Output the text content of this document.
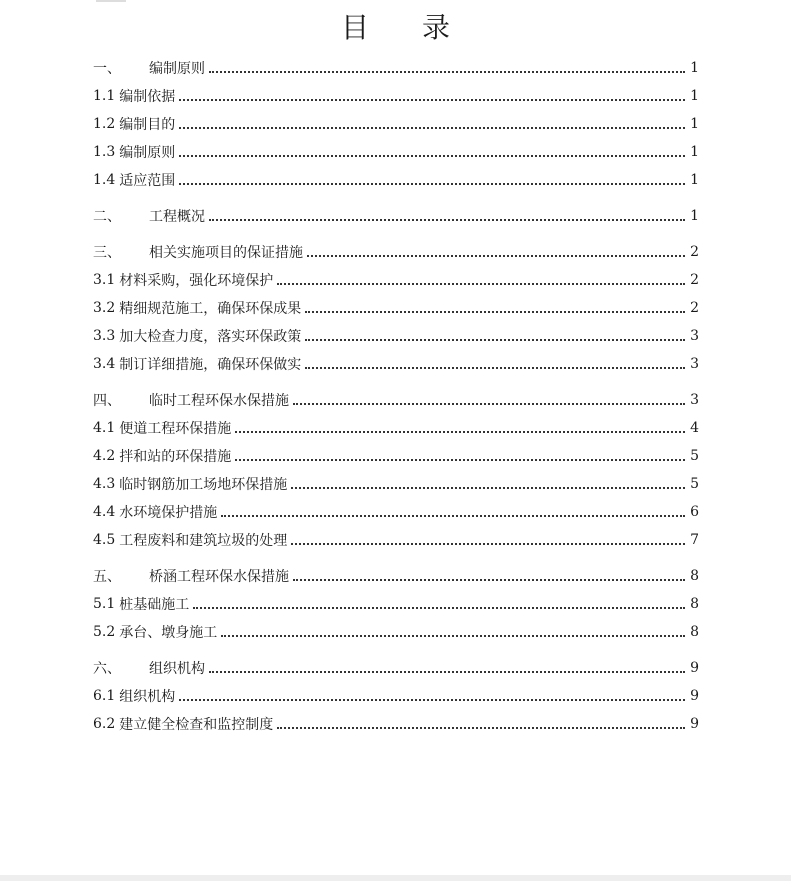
目 录
一、	编制原则	1
1.1 编制依据	1
1.2 编制目的	1
1.3 编制原则	1
1.4 适应范围	1
二、	工程概况	1
三、	相关实施项目的保证措施	2
3.1 材料采购，强化环境保护	2
3.2 精细规范施工，确保环保成果	2
3.3 加大检查力度，落实环保政策	3
3.4 制订详细措施，确保环保做实	3
四、	临时工程环保水保措施	3
4.1 便道工程环保措施	4
4.2 拌和站的环保措施	5
4.3 临时钢筋加工场地环保措施	5
4.4 水环境保护措施	6
4.5 工程废料和建筑垃圾的处理	7
五、	桥涵工程环保水保措施	8
5.1 桩基础施工	8
5.2 承台、墩身施工	8
六、	组织机构	9
6.1 组织机构	9
6.2 建立健全检查和监控制度	9
